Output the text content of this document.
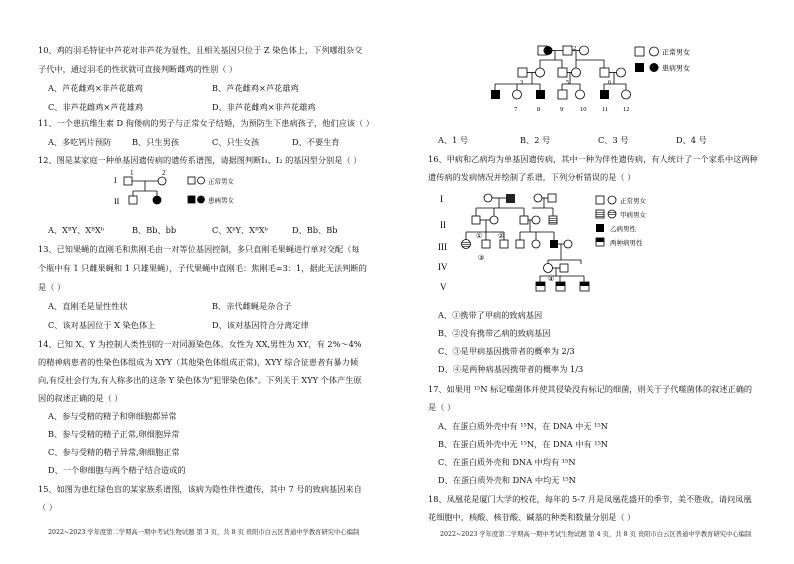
10、鸡的羽毛特征中芦花对非芦花为显性，且相关基因只位于 Z 染色体上，下列哪组杂交
子代中，通过羽毛的性状就可直接判断雌鸡的性别（ ）
A、芦花雌鸡×非芦花雄鸡	B、芦花雌鸡×芦花雄鸡
C、非芦花雌鸡×芦花雄鸡	D、非芦花雌鸡×非芦花雄鸡
11、一个患抗维生素 D 佝偻病的男子与正常女子结婚，为预防生下患病孩子，他们应该（ ）
A、多吃钙片预防	B、只生男孩	C、只生女孩	D、不要生育
12、图是某家庭一种单基因遗传病的遗传系谱图，请据图判断I₁、I₂ 的基因型分别是（ ）
I
II
1	2
正常男女
患病男女
A、XᴮY、XᴮXᵇ	B、Bb、bb	C、XᵇY、XᴮXᵇ	D、Bb、Bb
13、已知果蝇的直刚毛和焦刚毛由一对等位基因控制，多只直刚毛果蝇进行单对交配（每
个瓶中有 1 只雌果蝇和 1 只雄果蝇），子代果蝇中直刚毛：焦刚毛=3：1，据此无法判断的
是（ ）
A、直刚毛是显性性状	B、亲代雌蝇是杂合子
C、该对基因位于 X 染色体上	D、该对基因符合分离定律
14、已知 X、Y 为控制人类性别的一对同源染色体。女性为 XX,男性为 XY，有 2%～4%
的精神病患者的性染色体组成为 XYY（其他染色体组成正常)，XYY 综合征患者有暴力倾
向,有反社会行为,有人称多出的这条 Y 染色体为"犯罪染色体"。下列关于 XYY 个体产生原
因的叙述正确的是（ ）
A、参与受精的精子和卵细胞都异常
B、参与受精的精子正常,卵细胞异常
C、参与受精的精子异常,卵细胞正常
D、一个卵细胞与两个精子结合造成的
15、如图为患红绿色盲的某家族系谱图，该病为隐性伴性遗传，其中 7 号的致病基因来自
（ ）
2022~2023 学年度第二学期高一期中考试生物试题 第 3 页，共 8 页 贵阳市白云区普通中学教育研究中心编制
2
3	5	6
7	8	9	10 11 12
正常男女
患病男女
A、1 号	B、2 号	C、3 号	D、4 号
16、甲病和乙病均为单基因遗传病，其中一种为伴性遗传病，有人统计了一个家系中这两种
遗传病的发病情况并绘制了系谱，下列分析错误的是（ ）
I
II
III
IV
V
① ②
③
④
正常男女
甲病男女
乙病男性
两种病男性
A、①携带了甲病的致病基因
B、②没有携带乙病的致病基因
C、③是甲病基因携带者的概率为 2/3
D、④是两种病基因携带者的概率为 1/3
17、如果用 ¹⁵N 标记噬菌体并使其侵染没有标记的细菌，则关于子代噬菌体的叙述正确的
是（ ）
A、在蛋白质外壳中有 ¹⁵N，在 DNA 中无 ¹⁵N
B、在蛋白质外壳中无 ¹⁵N，在 DNA 中有 ¹⁵N
C、在蛋白质外壳和 DNA 中均有 ¹⁵N
D、在蛋白质外壳和 DNA 中均无 ¹⁵N
18、凤凰花是厦门大学的校花，每年的 5-7 月是凤凰花盛开的季节，美不胜收，请问凤凰
花细胞中，核酸、核苷酸、碱基的种类和数量分别是（ ）
2022~2023 学年度第二学期高一期中考试生物试题 第 4 页，共 8 页 贵阳市白云区普通中学教育研究中心编制
